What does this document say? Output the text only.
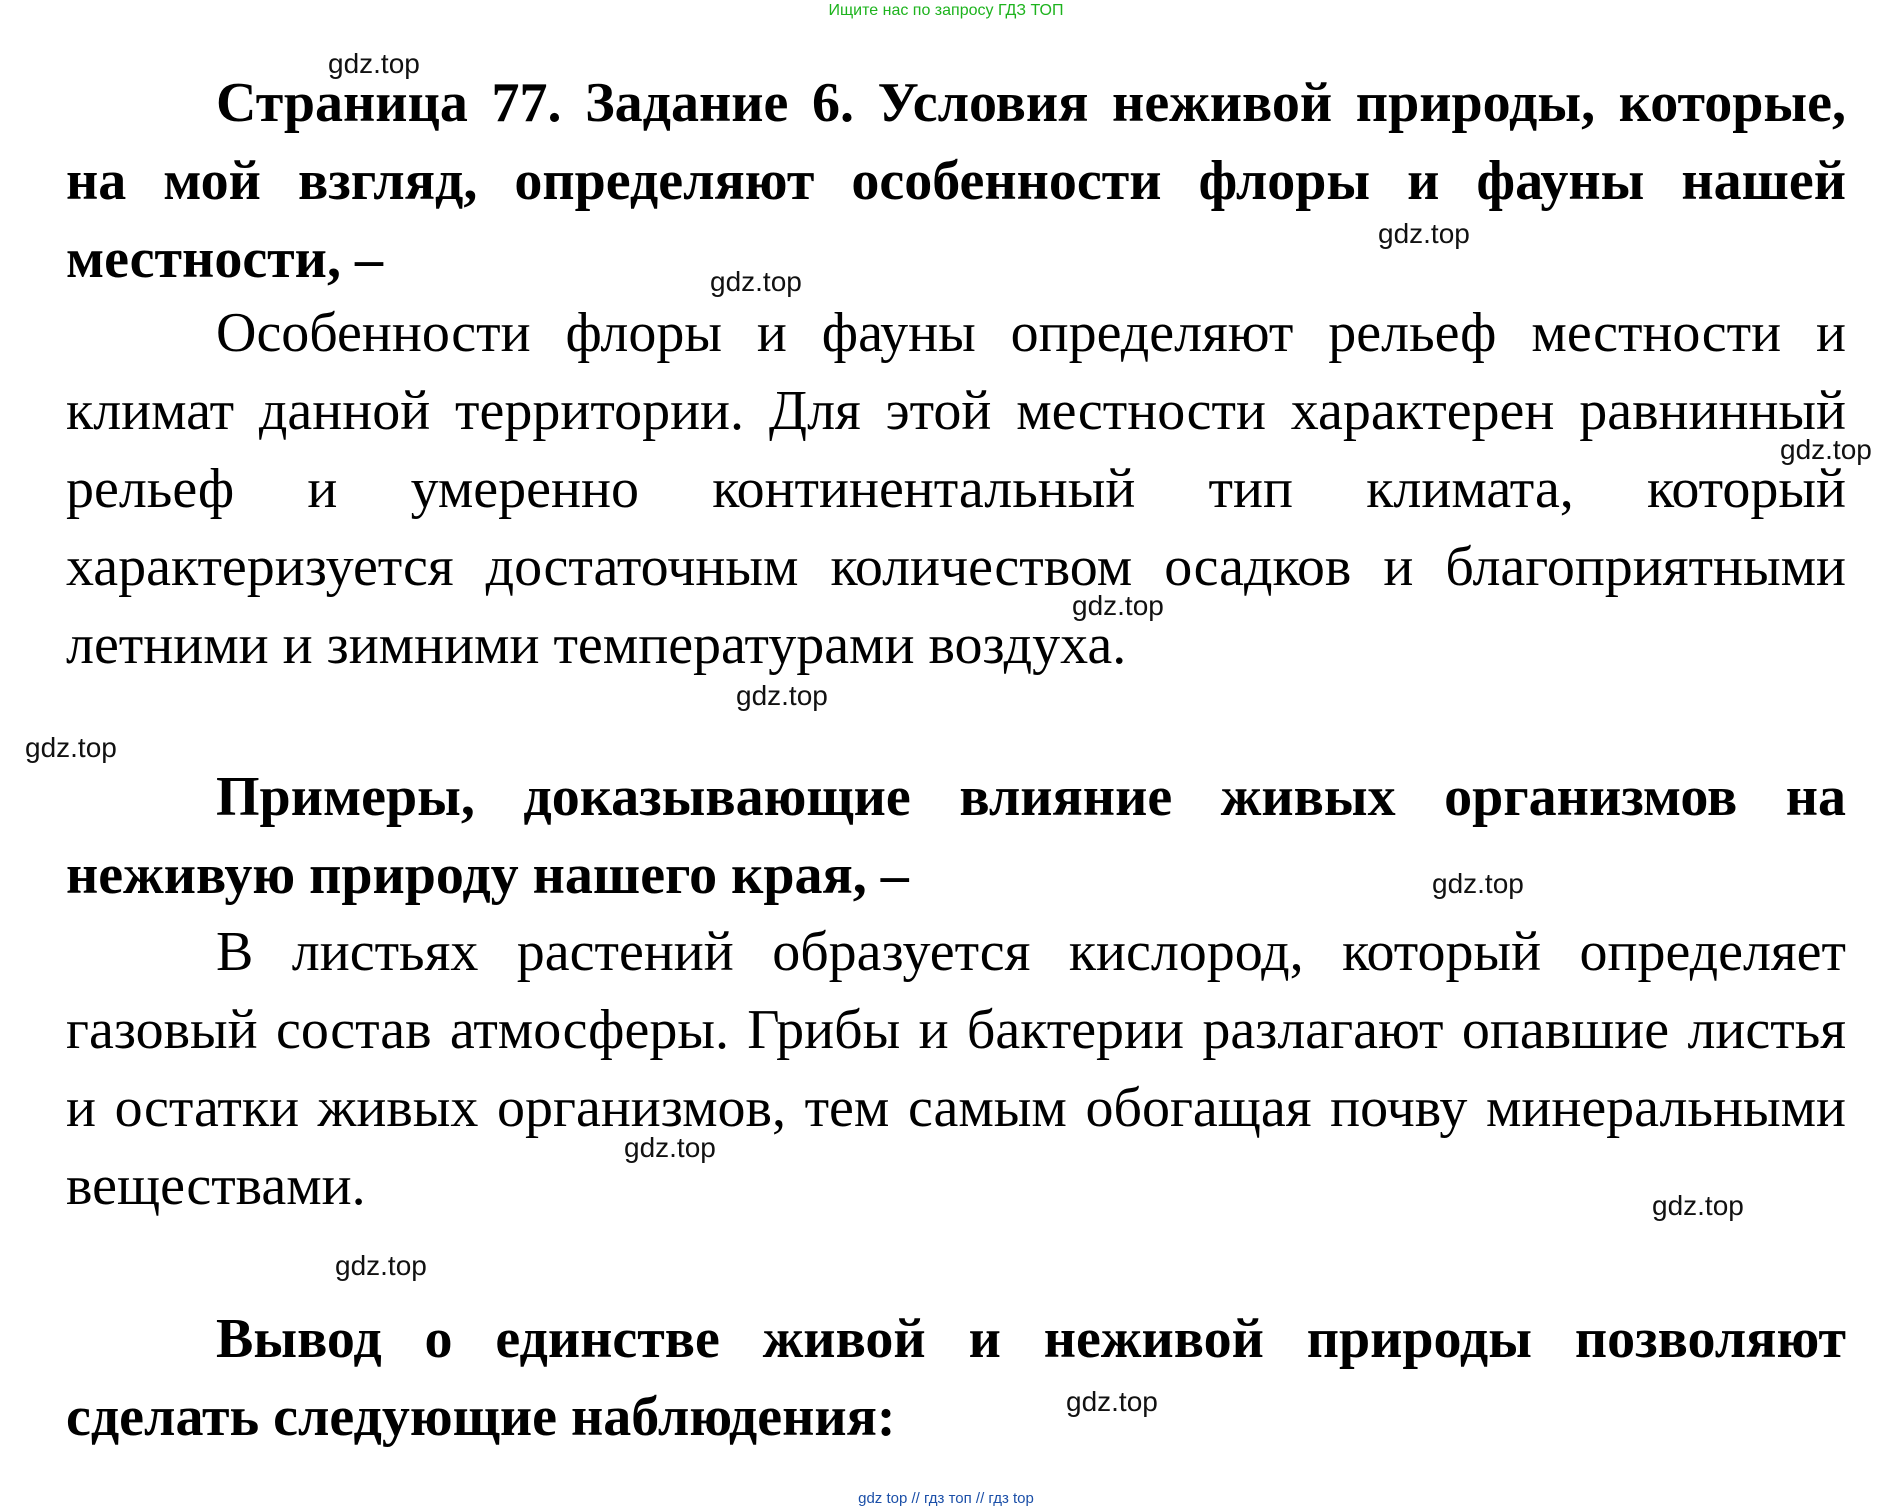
Ищите нас по запросу ГДЗ ТОП

Страница 77. Задание 6. Условия неживой природы, которые, на мой взгляд, определяют особенности флоры и фауны нашей местности, –

Особенности флоры и фауны определяют рельеф местности и климат данной территории. Для этой местности характерен равнинный рельеф и умеренно континентальный тип климата, который характеризуется достаточным количеством осадков и благоприятными летними и зимними температурами воздуха.

Примеры, доказывающие влияние живых организмов на неживую природу нашего края, –

В листьях растений образуется кислород, который определяет газовый состав атмосферы. Грибы и бактерии разлагают опавшие листья и остатки живых организмов, тем самым обогащая почву минеральными веществами.

Вывод о единстве живой и неживой природы позволяют сделать следующие наблюдения:

gdz.top
gdz.top
gdz.top
gdz.top
gdz.top
gdz.top
gdz.top
gdz.top
gdz.top
gdz.top
gdz.top
gdz.top
gdz top // гдз топ // гдз top
